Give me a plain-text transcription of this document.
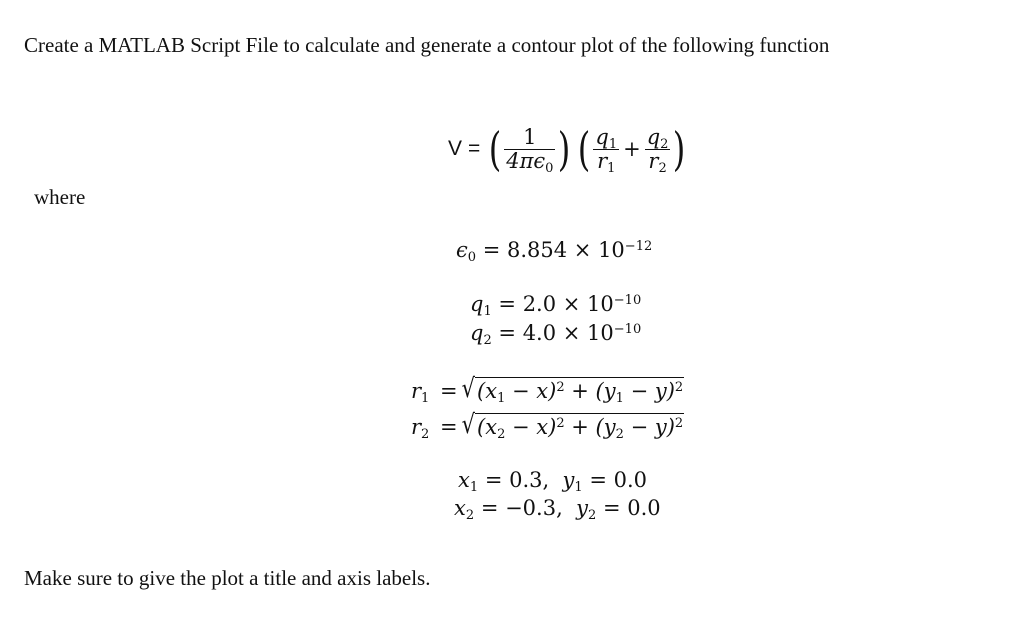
Create a MATLAB Script File to calculate and generate a contour plot of the following function
V = ( $\frac{1}{4\pi\epsilon_0}$ ) ( $\frac{q_1}{r_1} + \frac{q_2}{r_2}$ )
where
$\epsilon_0 = 8.854 \times 10^{-12}$
$q_1 = 2.0 \times 10^{-10}$
$q_2 = 4.0 \times 10^{-10}$
$r_1 = √(x_1 - x)^2 + (y_1 - y)^2$
$r_2 = √(x_2 - x)^2 + (y_2 - y)^2$
$x_1 = 0.3$, $y_1 = 0.0$
$x_2 = -0.3$, $y_2 = 0.0$
Make sure to give the plot a title and axis labels.
